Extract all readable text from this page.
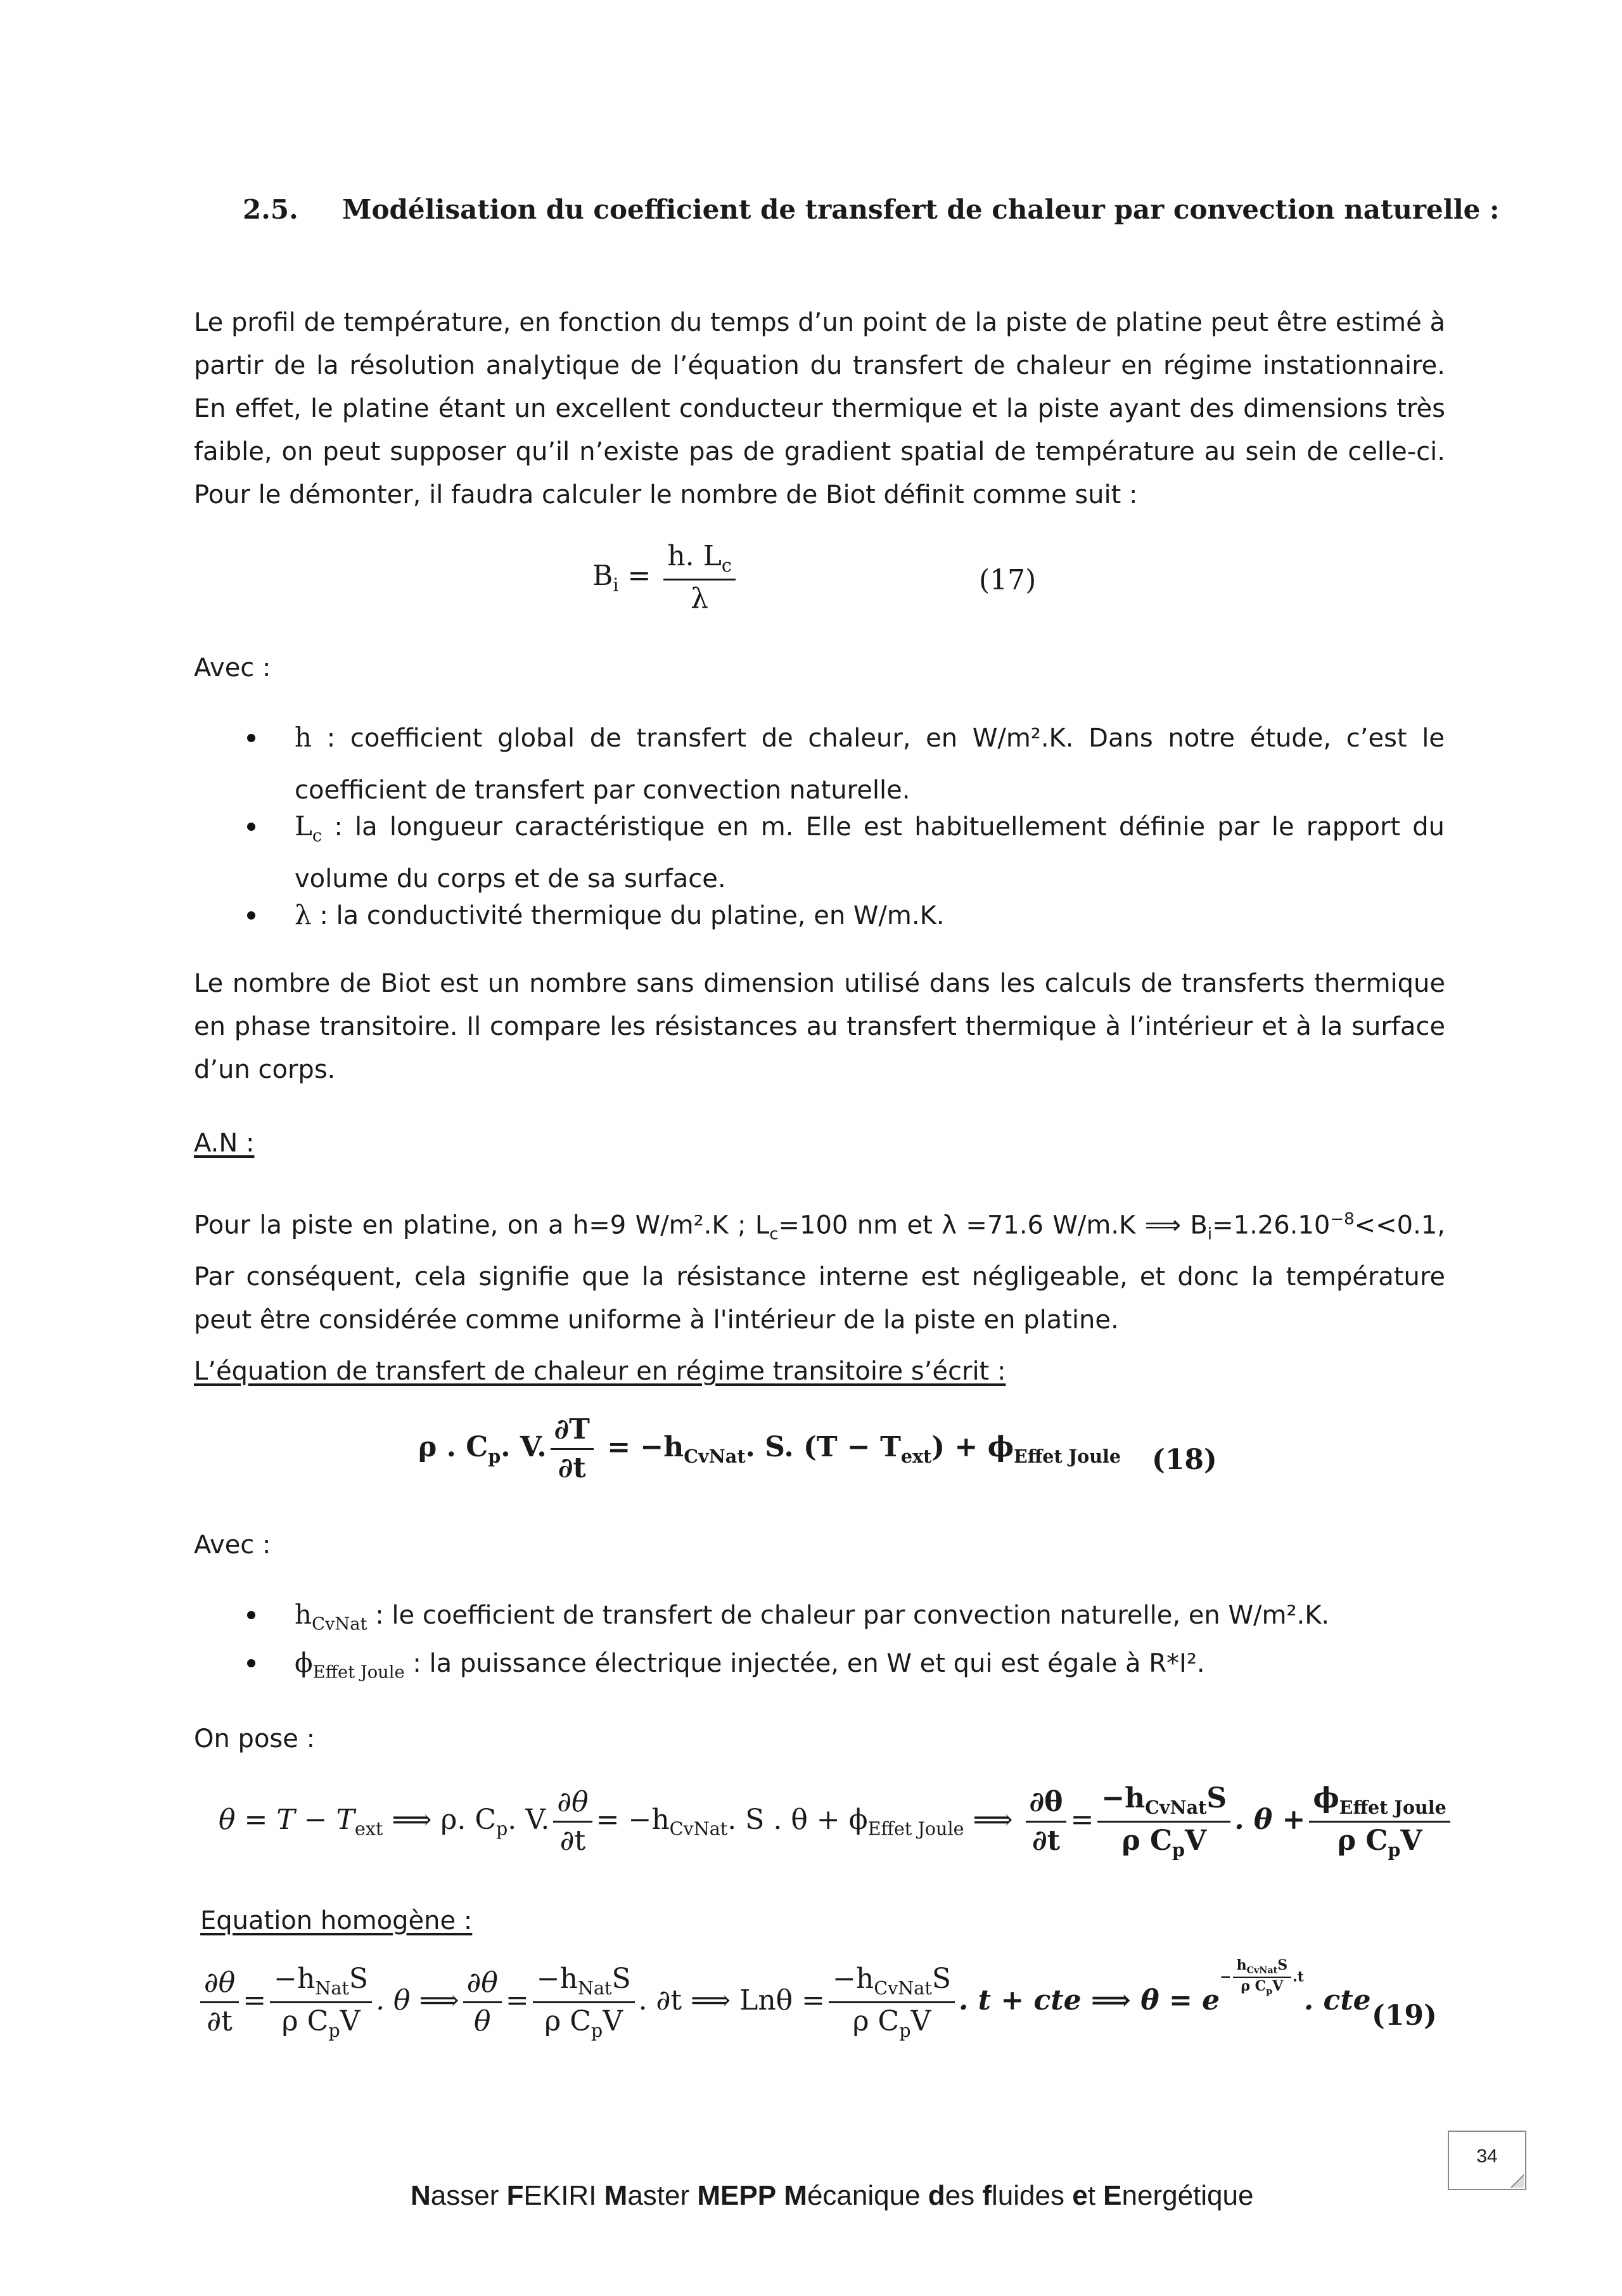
2.5. Modélisation du coefficient de transfert de chaleur par convection naturelle :
Le profil de température, en fonction du temps d’un point de la piste de platine peut être estimé à partir de la résolution analytique de l’équation du transfert de chaleur en régime instationnaire. En effet, le platine étant un excellent conducteur thermique et la piste ayant des dimensions très faible, on peut supposer qu’il n’existe pas de gradient spatial de température au sein de celle-ci. Pour le démonter, il faudra calculer le nombre de Biot définit comme suit :
$B_i = \frac{h. L_c}{\lambda}$	(17)
Avec :
h : coefficient global de transfert de chaleur, en W/m².K. Dans notre étude, c’est le coefficient de transfert par convection naturelle.
$L_c$ : la longueur caractéristique en m. Elle est habituellement définie par le rapport du volume du corps et de sa surface.
λ : la conductivité thermique du platine, en W/m.K.
Le nombre de Biot est un nombre sans dimension utilisé dans les calculs de transferts thermique en phase transitoire. Il compare les résistances au transfert thermique à l’intérieur et à la surface d’un corps.
A.N :
Pour la piste en platine, on a h=9 W/m².K ; $L_c=100$ nm et λ =71.6 W/m.K ⟹ $B_i=1.26.10^{-8}<<0.1$, Par conséquent, cela signifie que la résistance interne est négligeable, et donc la température peut être considérée comme uniforme à l'intérieur de la piste en platine.
L’équation de transfert de chaleur en régime transitoire s’écrit :
ρ . $C_p$. V. $\frac{\partial T}{\partial t} = -h_{CvNat}$. S. $(T - T_{ext}) + \phi_{Effet Joule}$ (18)
Avec :
$h_{CvNat}$ : le coefficient de transfert de chaleur par convection naturelle, en W/m².K.
$\phi_{Effet Joule}$ : la puissance électrique injectée, en W et qui est égale à R*I².
On pose :
$\theta = T - T_{ext}$ ⟹ ρ. $C_p$. V. $\frac{\partial\theta}{\partial t} = -h_{CvNat}$. S . $\theta + \phi_{Effet Joule}$ ⟹ $\frac{\partial\theta}{\partial t} = \frac{-h_{CvNat}S}{\rho C_pV}$ . $\theta + \frac{\phi_{Effet Joule}}{\rho C_pV}$
Equation homogène :
$\frac{\partial\theta}{\partial t} = \frac{-h_{Nat}S}{\rho C_pV}$ . θ ⟹ $\frac{\partial\theta}{\theta} = \frac{-h_{Nat}S}{\rho C_pV}$ . ∂t ⟹ $Ln\theta = \frac{-h_{CvNat}S}{\rho C_pV}$ . t + cte ⟹ $\theta = e- \frac{h_{CvNat}S}{\rho C_pV} .t$. cte (19)
34
Nasser FEKIRI Master MEPP Mécanique des fluides et Energétique
